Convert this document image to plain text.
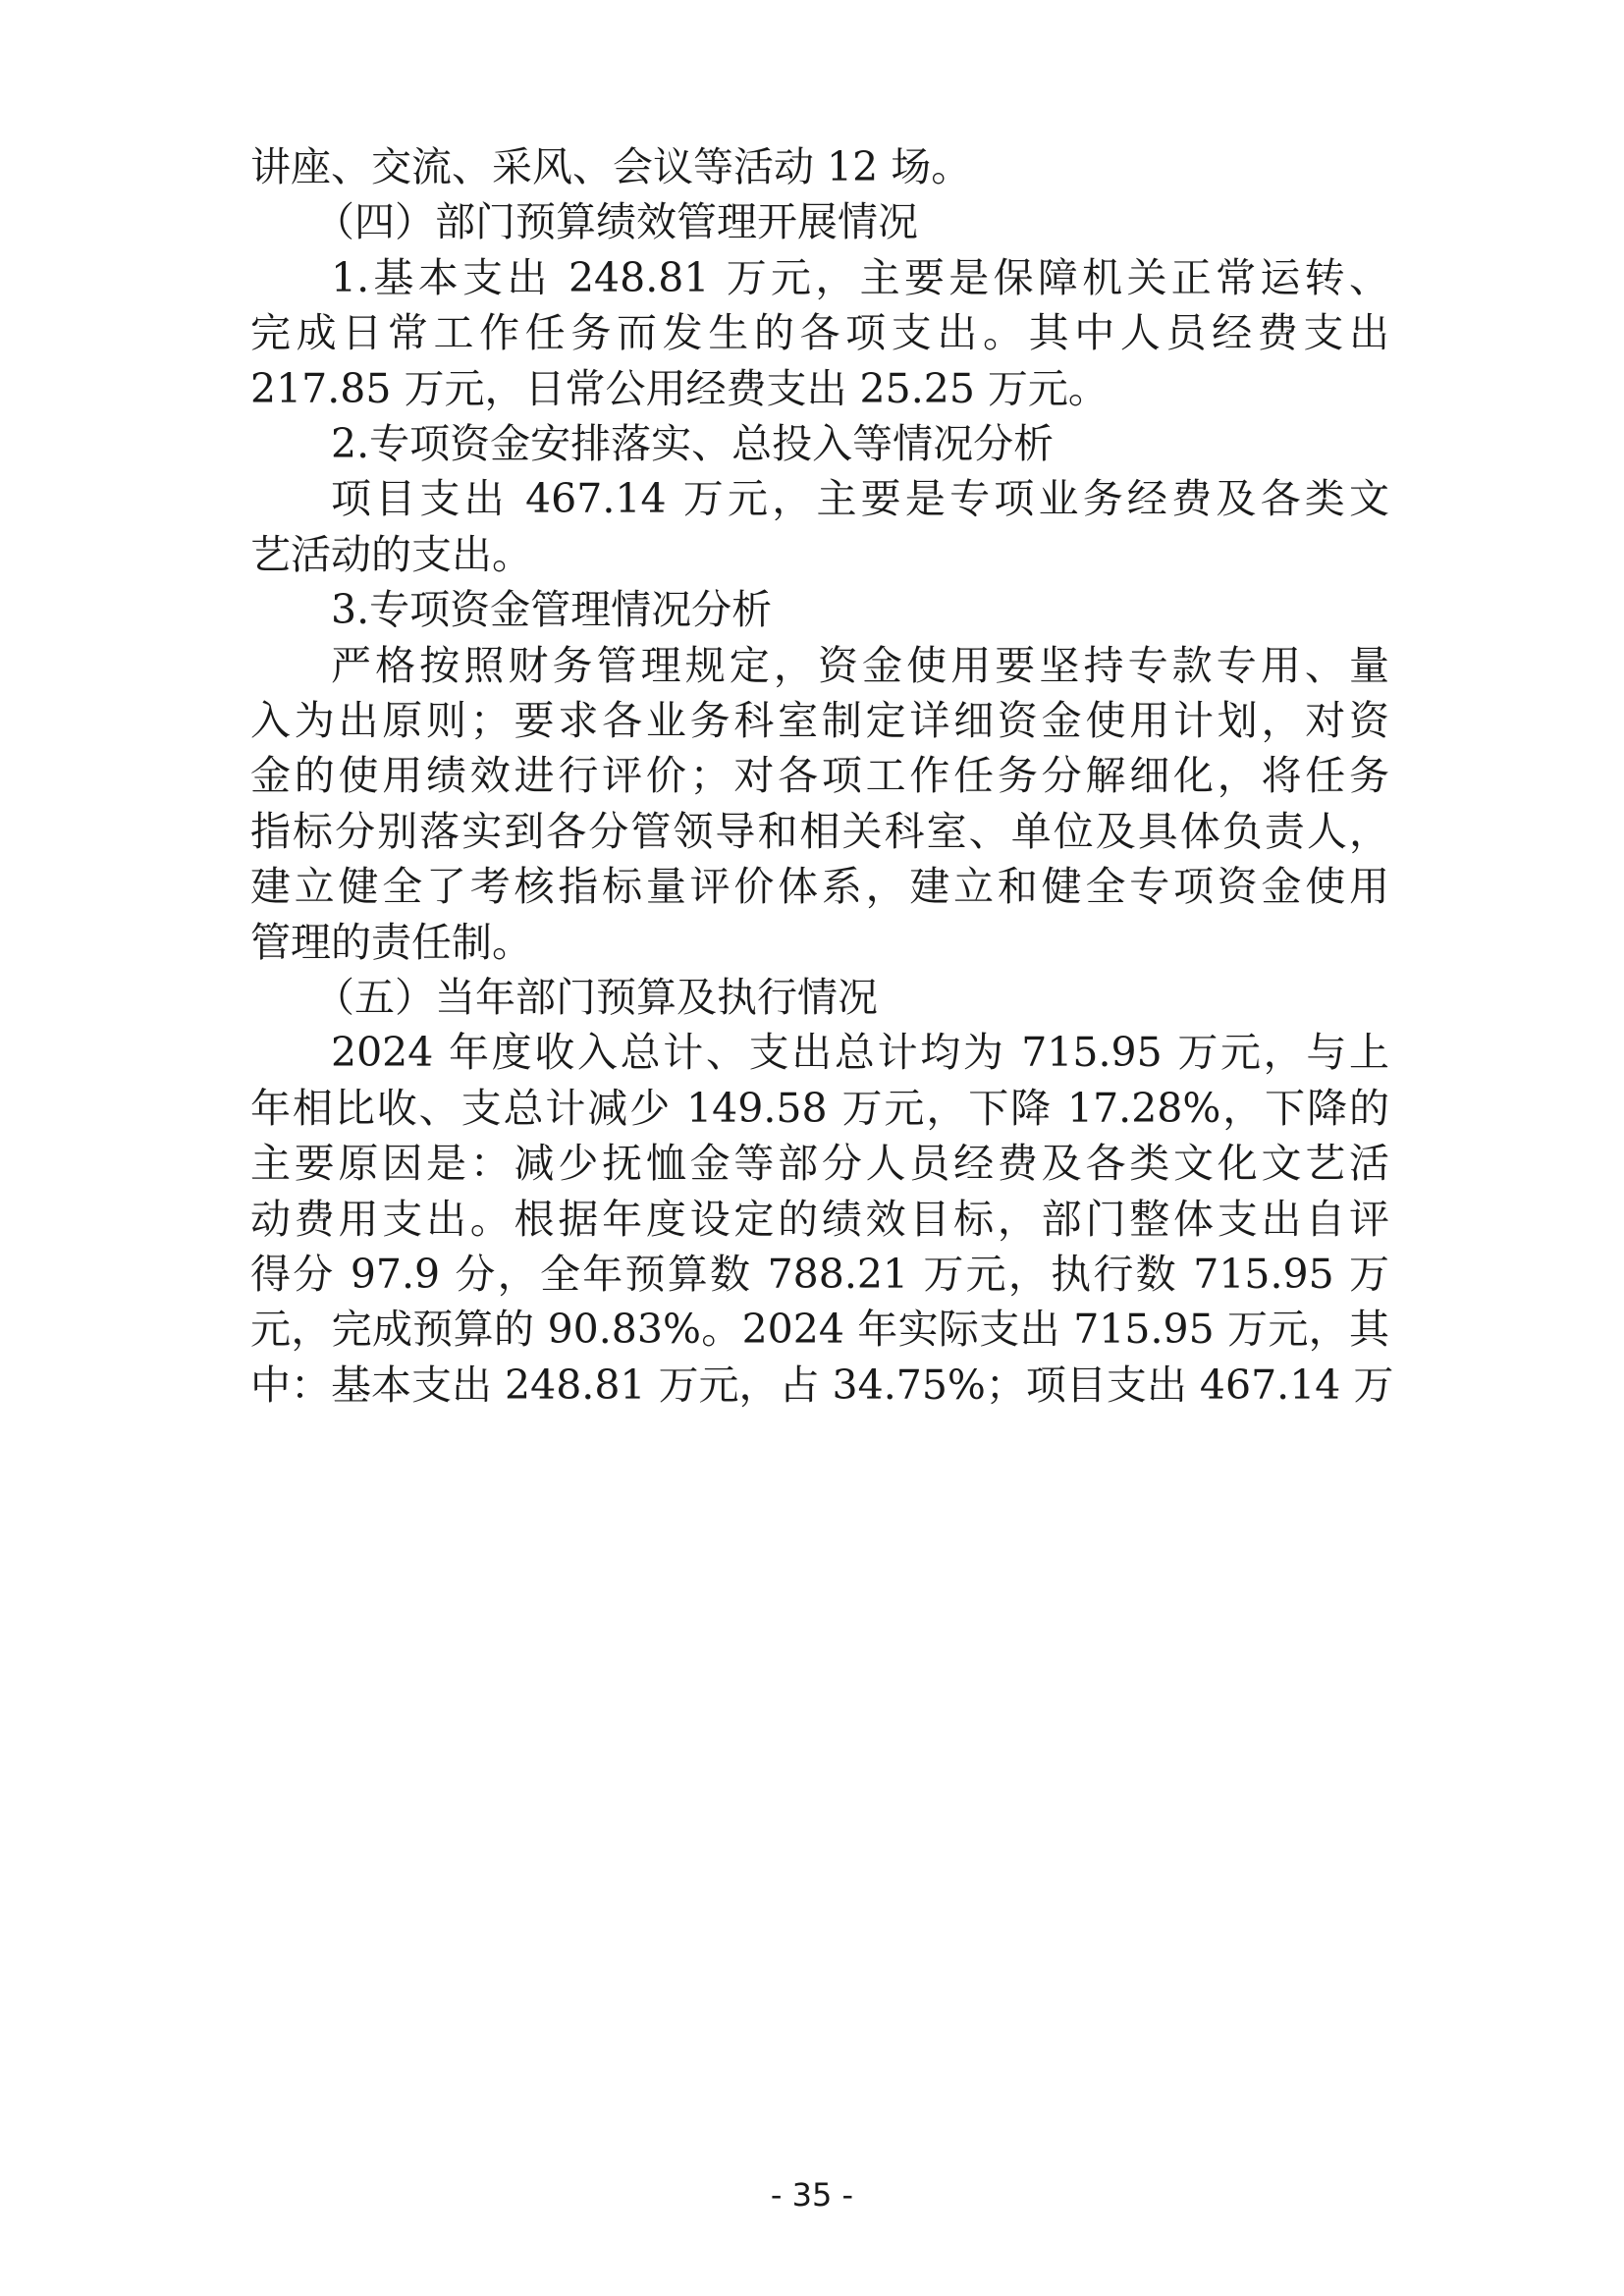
讲座、交流、采风、会议等活动 12 场。
（四）部门预算绩效管理开展情况
1.基本支出 248.81 万元，主要是保障机关正常运转、
完成日常工作任务而发生的各项支出。其中人员经费支出
217.85 万元，日常公用经费支出 25.25 万元。
2.专项资金安排落实、总投入等情况分析
项目支出 467.14 万元，主要是专项业务经费及各类文
艺活动的支出。
3.专项资金管理情况分析
严格按照财务管理规定，资金使用要坚持专款专用、量
入为出原则；要求各业务科室制定详细资金使用计划，对资
金的使用绩效进行评价；对各项工作任务分解细化，将任务
指标分别落实到各分管领导和相关科室、单位及具体负责人，
建立健全了考核指标量评价体系，建立和健全专项资金使用
管理的责任制。
（五）当年部门预算及执行情况
2024 年度收入总计、支出总计均为 715.95 万元，与上
年相比收、支总计减少 149.58 万元，下降 17.28%，下降的
主要原因是：减少抚恤金等部分人员经费及各类文化文艺活
动费用支出。根据年度设定的绩效目标，部门整体支出自评
得分 97.9 分，全年预算数 788.21 万元，执行数 715.95 万
元，完成预算的 90.83%。2024 年实际支出 715.95 万元，其
中：基本支出 248.81 万元，占 34.75%；项目支出 467.14 万
- 35 -
